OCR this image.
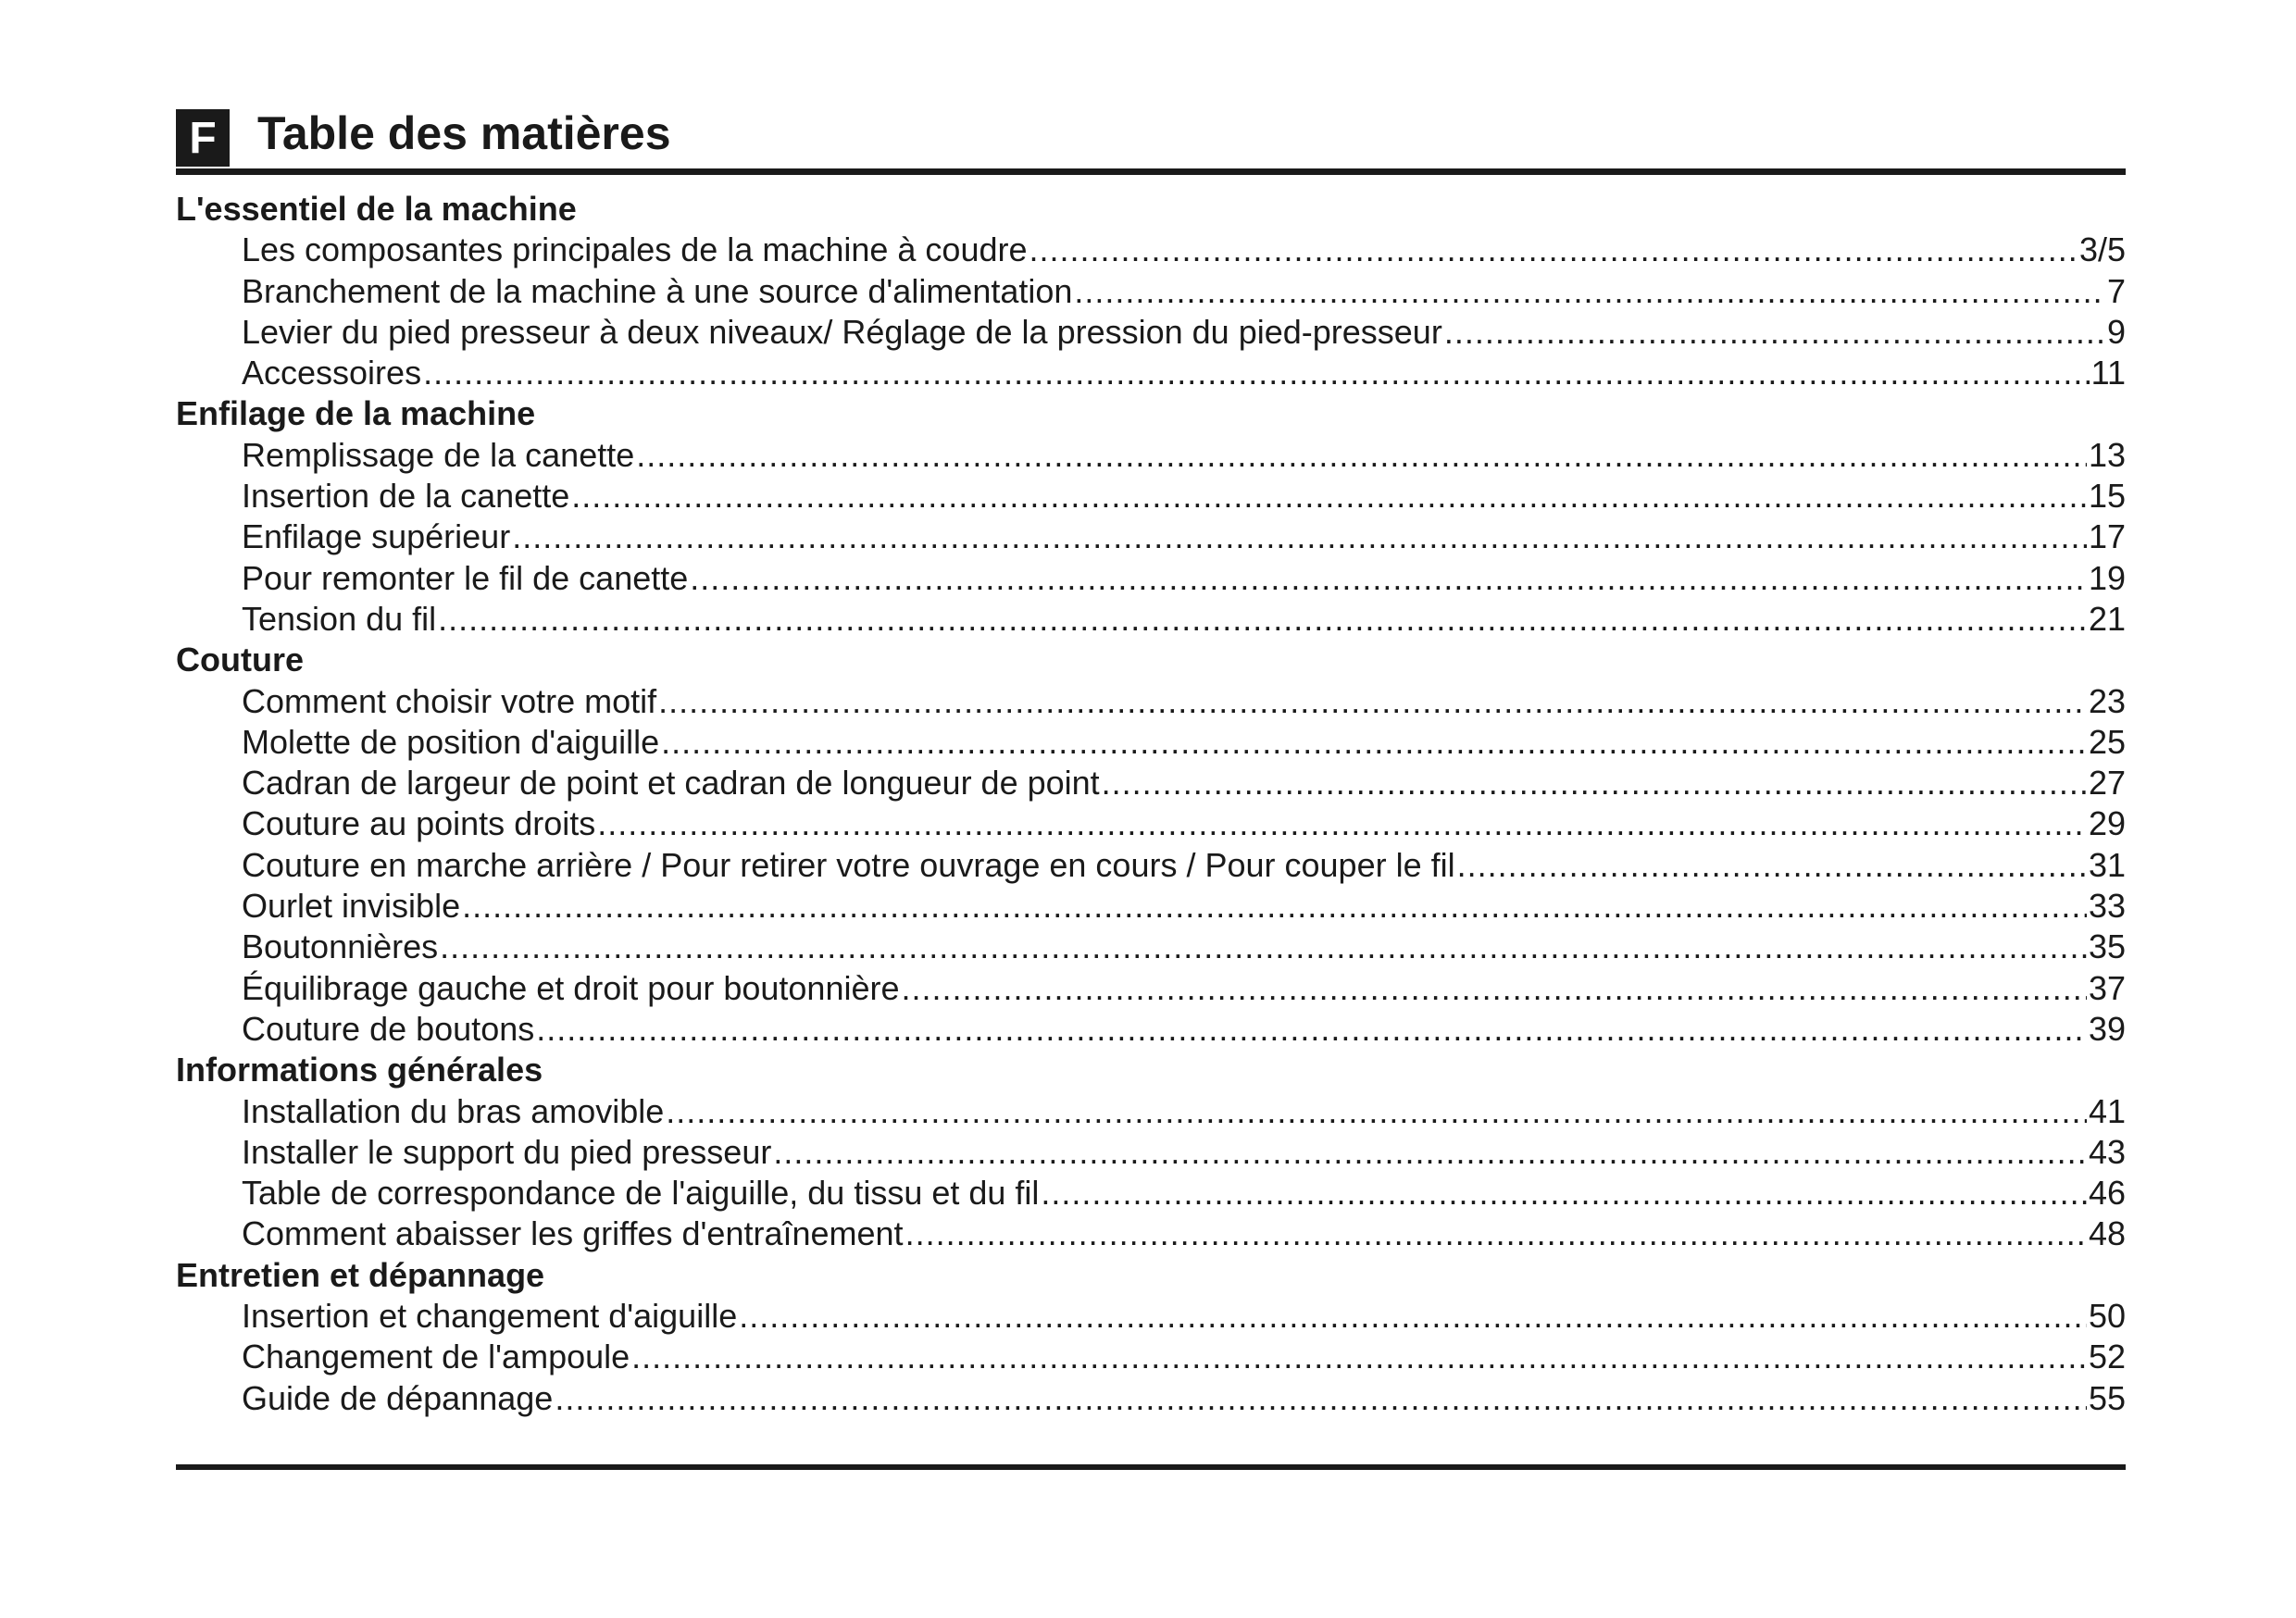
F Table des matières
L'essentiel de la machine
Les composantes principales de la machine à coudre .....	3/5
Branchement de la machine à une source d'alimentation .....	7
Levier du pied presseur à deux niveaux/ Réglage de la pression du pied-presseur .....	9
Accessoires .....	11
Enfilage de la machine
Remplissage de la canette .....	13
Insertion de la canette .....	15
Enfilage supérieur .....	17
Pour remonter le fil de canette .....	19
Tension du fil .....	21
Couture
Comment choisir votre motif .....	23
Molette de position d'aiguille .....	25
Cadran de largeur de point et cadran de longueur de point .....	27
Couture au points droits .....	29
Couture en marche arrière / Pour retirer votre ouvrage en cours / Pour couper le fil .....	31
Ourlet invisible .....	33
Boutonnières .....	35
Équilibrage gauche et droit pour boutonnière .....	37
Couture de boutons .....	39
Informations générales
Installation du bras amovible .....	41
Installer le support du pied presseur .....	43
Table de correspondance de l'aiguille, du tissu et du fil .....	46
Comment abaisser les griffes d'entraînement .....	48
Entretien et dépannage
Insertion et changement d'aiguille .....	50
Changement de l'ampoule .....	52
Guide de dépannage .....	55
